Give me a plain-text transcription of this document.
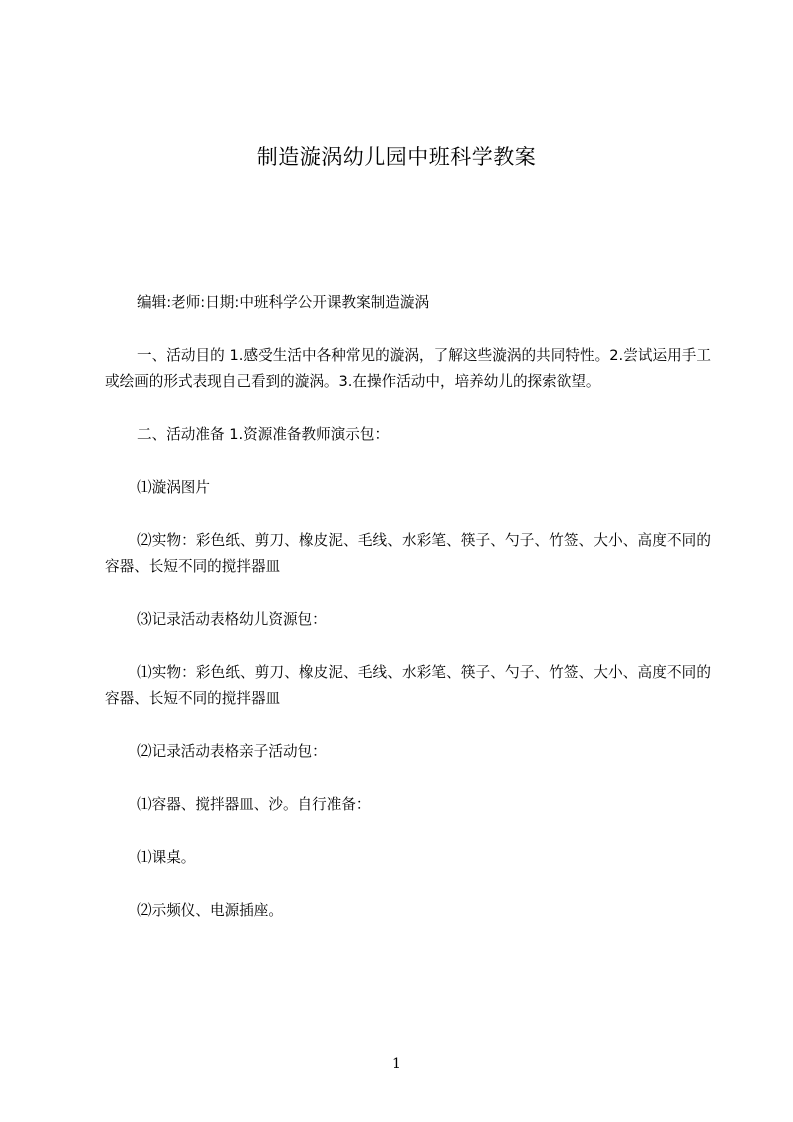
制造漩涡幼儿园中班科学教案

编辑:老师:日期:中班科学公开课教案制造漩涡

一、活动目的 1.感受生活中各种常见的漩涡，了解这些漩涡的共同特性。2.尝试运用手工或绘画的形式表现自己看到的漩涡。3.在操作活动中，培养幼儿的探索欲望。

二、活动准备 1.资源准备教师演示包：

⑴漩涡图片

⑵实物：彩色纸、剪刀、橡皮泥、毛线、水彩笔、筷子、勺子、竹签、大小、高度不同的容器、长短不同的搅拌器皿

⑶记录活动表格幼儿资源包：

⑴实物：彩色纸、剪刀、橡皮泥、毛线、水彩笔、筷子、勺子、竹签、大小、高度不同的容器、长短不同的搅拌器皿

⑵记录活动表格亲子活动包：

⑴容器、搅拌器皿、沙。自行准备：

⑴课桌。

⑵示频仪、电源插座。

1
